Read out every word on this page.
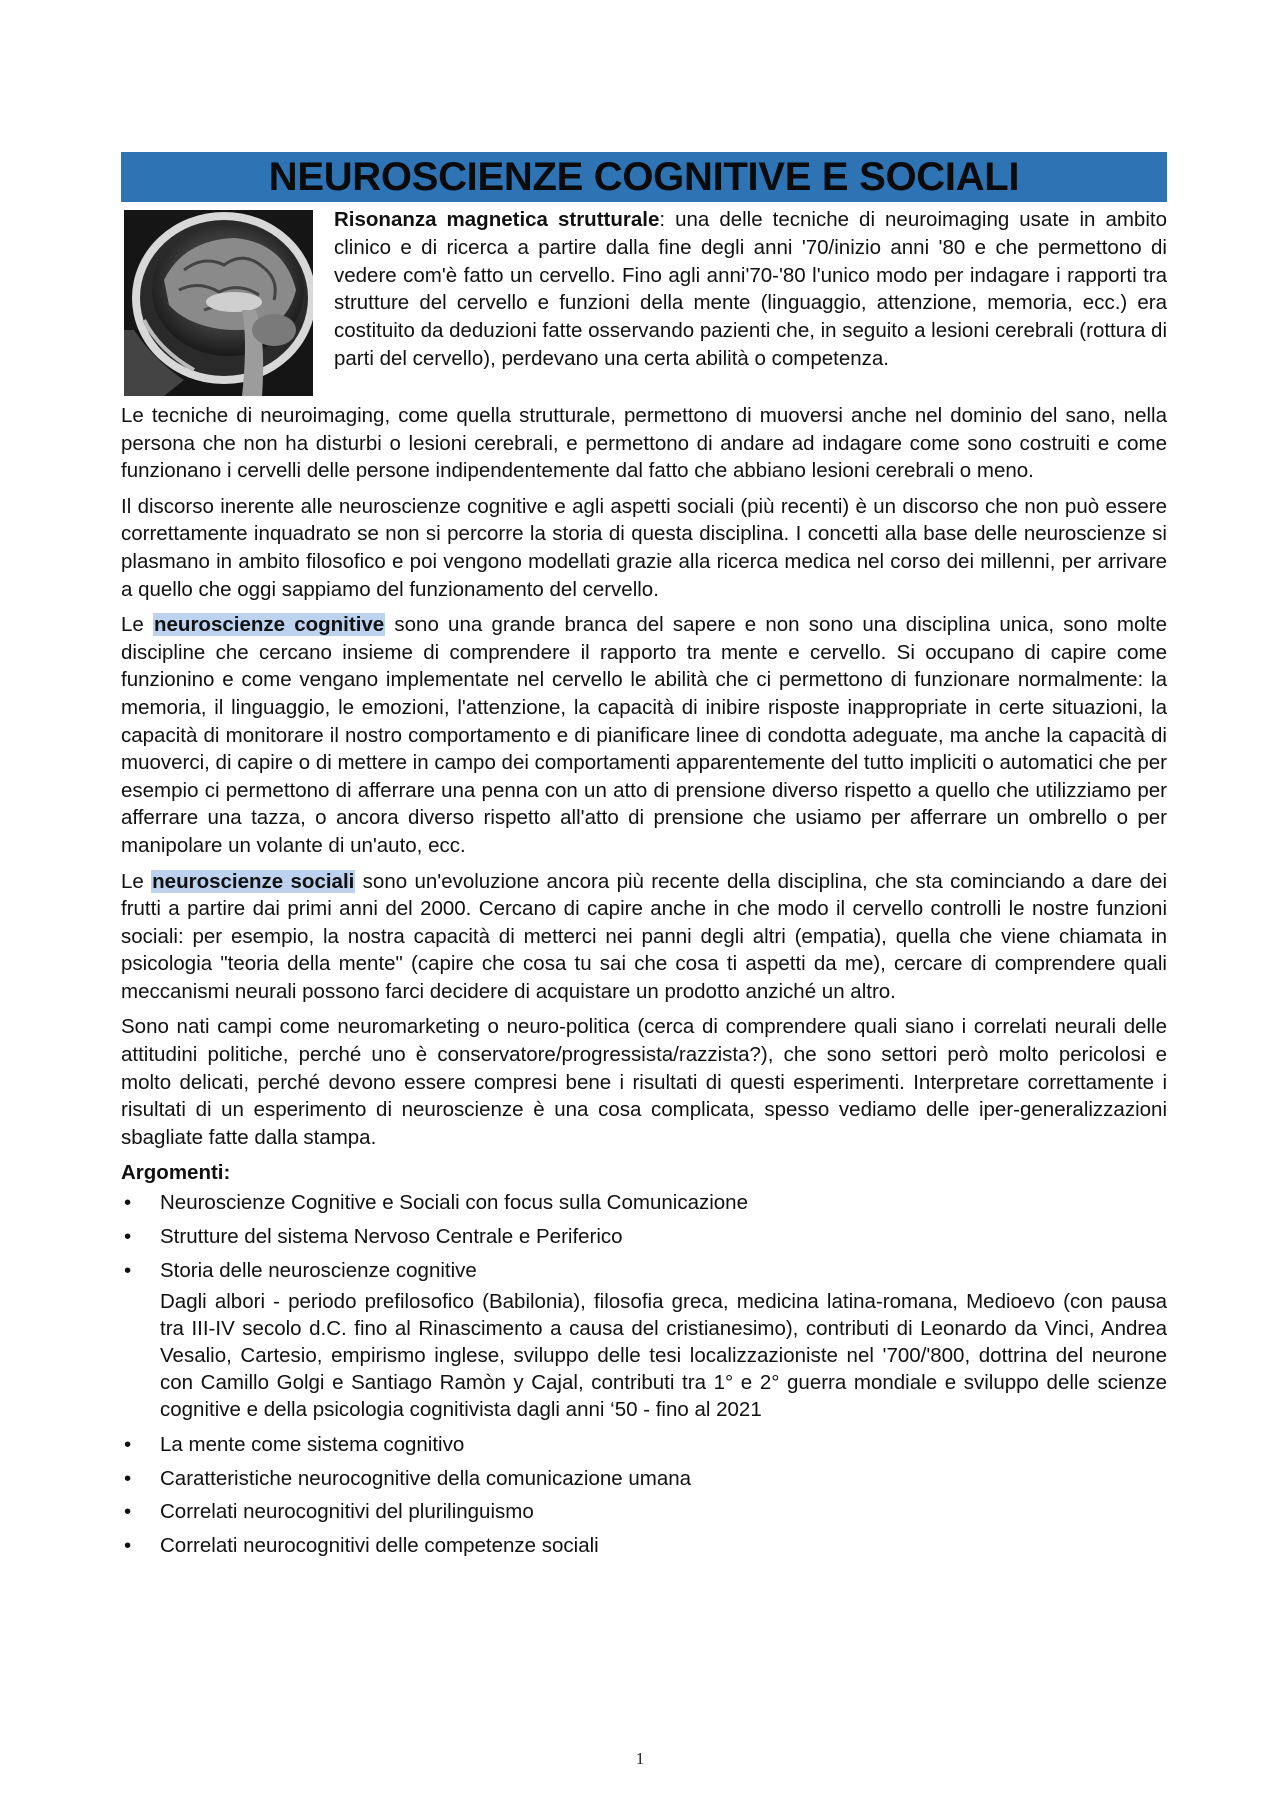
NEUROSCIENZE COGNITIVE E SOCIALI

Risonanza magnetica strutturale: una delle tecniche di neuroimaging usate in ambito clinico e di ricerca a partire dalla fine degli anni '70/inizio anni '80 e che permettono di vedere com'è fatto un cervello. Fino agli anni'70-'80 l'unico modo per indagare i rapporti tra strutture del cervello e funzioni della mente (linguaggio, attenzione, memoria, ecc.) era costituito da deduzioni fatte osservando pazienti che, in seguito a lesioni cerebrali (rottura di parti del cervello), perdevano una certa abilità o competenza.

Le tecniche di neuroimaging, come quella strutturale, permettono di muoversi anche nel dominio del sano, nella persona che non ha disturbi o lesioni cerebrali, e permettono di andare ad indagare come sono costruiti e come funzionano i cervelli delle persone indipendentemente dal fatto che abbiano lesioni cerebrali o meno.

Il discorso inerente alle neuroscienze cognitive e agli aspetti sociali (più recenti) è un discorso che non può essere correttamente inquadrato se non si percorre la storia di questa disciplina. I concetti alla base delle neuroscienze si plasmano in ambito filosofico e poi vengono modellati grazie alla ricerca medica nel corso dei millenni, per arrivare a quello che oggi sappiamo del funzionamento del cervello.

Le neuroscienze cognitive sono una grande branca del sapere e non sono una disciplina unica, sono molte discipline che cercano insieme di comprendere il rapporto tra mente e cervello. Si occupano di capire come funzionino e come vengano implementate nel cervello le abilità che ci permettono di funzionare normalmente: la memoria, il linguaggio, le emozioni, l'attenzione, la capacità di inibire risposte inappropriate in certe situazioni, la capacità di monitorare il nostro comportamento e di pianificare linee di condotta adeguate, ma anche la capacità di muoverci, di capire o di mettere in campo dei comportamenti apparentemente del tutto impliciti o automatici che per esempio ci permettono di afferrare una penna con un atto di prensione diverso rispetto a quello che utilizziamo per afferrare una tazza, o ancora diverso rispetto all'atto di prensione che usiamo per afferrare un ombrello o per manipolare un volante di un'auto, ecc.

Le neuroscienze sociali sono un'evoluzione ancora più recente della disciplina, che sta cominciando a dare dei frutti a partire dai primi anni del 2000. Cercano di capire anche in che modo il cervello controlli le nostre funzioni sociali: per esempio, la nostra capacità di metterci nei panni degli altri (empatia), quella che viene chiamata in psicologia "teoria della mente" (capire che cosa tu sai che cosa ti aspetti da me), cercare di comprendere quali meccanismi neurali possono farci decidere di acquistare un prodotto anziché un altro.

Sono nati campi come neuromarketing o neuro-politica (cerca di comprendere quali siano i correlati neurali delle attitudini politiche, perché uno è conservatore/progressista/razzista?), che sono settori però molto pericolosi e molto delicati, perché devono essere compresi bene i risultati di questi esperimenti. Interpretare correttamente i risultati di un esperimento di neuroscienze è una cosa complicata, spesso vediamo delle iper-generalizzazioni sbagliate fatte dalla stampa.

Argomenti:
• Neuroscienze Cognitive e Sociali con focus sulla Comunicazione
• Strutture del sistema Nervoso Centrale e Periferico
• Storia delle neuroscienze cognitive

Dagli albori - periodo prefilosofico (Babilonia), filosofia greca, medicina latina-romana, Medioevo (con pausa tra III-IV secolo d.C. fino al Rinascimento a causa del cristianesimo), contributi di Leonardo da Vinci, Andrea Vesalio, Cartesio, empirismo inglese, sviluppo delle tesi localizzazioniste nel '700/'800, dottrina del neurone con Camillo Golgi e Santiago Ramòn y Cajal, contributi tra 1° e 2° guerra mondiale e sviluppo delle scienze cognitive e della psicologia cognitivista dagli anni ‘50 - fino al 2021

• La mente come sistema cognitivo
• Caratteristiche neurocognitive della comunicazione umana
• Correlati neurocognitivi del plurilinguismo
• Correlati neurocognitivi delle competenze sociali
1
